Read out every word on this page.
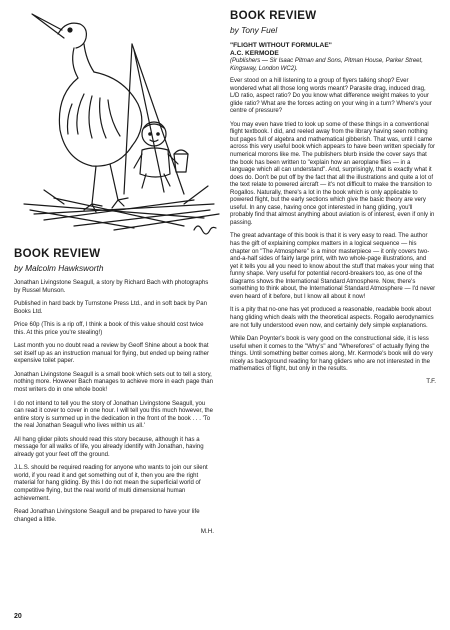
BOOK REVIEW
by Malcolm Hawksworth

Jonathan Livingstone Seagull, a story by Richard Bach with photographs by Russel Munson.

Published in hard back by Turnstone Press Ltd., and in soft back by Pan Books Ltd.

Price 60p (This is a rip off, I think a book of this value should cost twice this. At this price you're stealing!)

Last month you no doubt read a review by Geoff Shine about a book that set itself up as an instruction manual for flying, but ended up being rather expensive toilet paper.

Jonathan Livingstone Seagull is a small book which sets out to tell a story, nothing more. However Bach manages to achieve more in each page than most writers do in one whole book!

I do not intend to tell you the story of Jonathan Livingstone Seagull, you can read it cover to cover in one hour. I will tell you this much however, the entire story is summed up in the dedication in the front of the book . . . 'To the real Jonathan Seagull who lives within us all.'

All hang glider pilots should read this story because, although it has a message for all walks of life, you already identify with Jonathan, having already got your feet off the ground.

J.L.S. should be required reading for anyone who wants to join our silent world, if you read it and get something out of it, then you are the right material for hang gliding. By this I do not mean the superficial world of competitive flying, but the real world of multi dimensional human achievement.

Read Jonathan Livingstone Seagull and be prepared to have your life changed a little.

M.H.
BOOK REVIEW
by Tony Fuel
"FLIGHT WITHOUT FORMULAE"
A.C. KERMODE
(Publishers — Sir Isaac Pitman and Sons, Pitman House, Parker Street, Kingsway, London WC2).

Ever stood on a hill listening to a group of flyers talking shop? Ever wondered what all those long words meant? Parasite drag, induced drag, L/D ratio, aspect ratio? Do you know what difference weight makes to your glide ratio? What are the forces acting on your wing in a turn? Where's your centre of pressure?

You may even have tried to look up some of these things in a conventional flight textbook. I did, and reeled away from the library having seen nothing but pages full of algebra and mathematical gibberish. That was, until I came across this very useful book which appears to have been written specially for numerical morons like me. The publishers blurb inside the cover says that the book has been written to "explain how an aeroplane flies — in a language which all can understand". And, surprisingly, that is exactly what it does do. Don't be put off by the fact that all the illustrations and quite a lot of the text relate to powered aircraft — it's not difficult to make the transition to Rogallos. Naturally, there's a lot in the book which is only applicable to powered flight, but the early sections which give the basic theory are very useful. In any case, having once got interested in hang gliding, you'll probably find that almost anything about aviation is of interest, even if only in passing.

The great advantage of this book is that it is very easy to read. The author has the gift of explaining complex matters in a logical sequence — his chapter on "The Atmosphere" is a minor masterpiece — it only covers two-and-a-half sides of fairly large print, with two whole-page illustrations, and yet it tells you all you need to know about the stuff that makes your wing that funny shape. Very useful for potential record-breakers too, as one of the diagrams shows the International Standard Atmosphere. Now, there's something to think about, the International Standard Atmosphere — I'd never even heard of it before, but I know all about it now!

It is a pity that no-one has yet produced a reasonable, readable book about hang gliding which deals with the theoretical aspects. Rogallo aerodynamics are not fully understood even now, and certainly defy simple explanations.

While Dan Poynter's book is very good on the constructional side, it is less useful when it comes to the "Why's" and "Wherefores" of actually flying the things. Until something better comes along, Mr. Kermode's book will do very nicely as background reading for hang gliders who are not interested in the mathematics of flight, but only in the results.

T.F.
20
